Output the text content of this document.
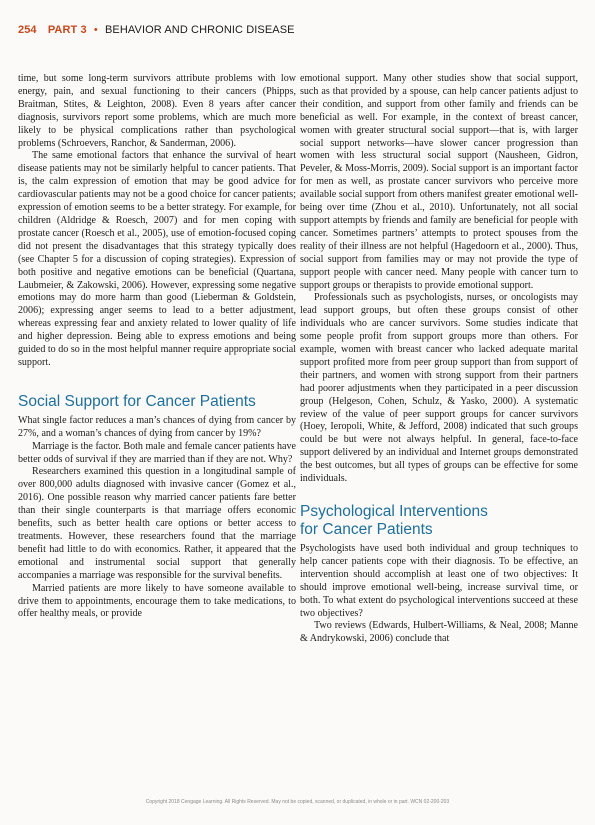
254 PART 3 • BEHAVIOR AND CHRONIC DISEASE

time, but some long-term survivors attribute problems with low energy, pain, and sexual functioning to their cancers (Phipps, Braitman, Stites, & Leighton, 2008). Even 8 years after cancer diagnosis, survivors report some problems, which are much more likely to be physical complications rather than psychological problems (Schroevers, Ranchor, & Sanderman, 2006).

The same emotional factors that enhance the survival of heart disease patients may not be similarly helpful to cancer patients. That is, the calm expression of emotion that may be good advice for cardiovascular patients may not be a good choice for cancer patients; expression of emotion seems to be a better strategy. For example, for children (Aldridge & Roesch, 2007) and for men coping with prostate cancer (Roesch et al., 2005), use of emotion-focused coping did not present the disadvantages that this strategy typically does (see Chapter 5 for a discussion of coping strategies). Expression of both positive and negative emotions can be beneficial (Quartana, Laubmeier, & Zakowski, 2006). However, expressing some negative emotions may do more harm than good (Lieberman & Goldstein, 2006); expressing anger seems to lead to a better adjustment, whereas expressing fear and anxiety related to lower quality of life and higher depression. Being able to express emotions and being guided to do so in the most helpful manner require appropriate social support.

Social Support for Cancer Patients

What single factor reduces a man’s chances of dying from cancer by 27%, and a woman’s chances of dying from cancer by 19%?

Marriage is the factor. Both male and female cancer patients have better odds of survival if they are married than if they are not. Why?

Researchers examined this question in a longitudinal sample of over 800,000 adults diagnosed with invasive cancer (Gomez et al., 2016). One possible reason why married cancer patients fare better than their single counterparts is that marriage offers economic benefits, such as better health care options or better access to treatments. However, these researchers found that the marriage benefit had little to do with economics. Rather, it appeared that the emotional and instrumental social support that generally accompanies a marriage was responsible for the survival benefits.

Married patients are more likely to have someone available to drive them to appointments, encourage them to take medications, to offer healthy meals, or provide

emotional support. Many other studies show that social support, such as that provided by a spouse, can help cancer patients adjust to their condition, and support from other family and friends can be beneficial as well. For example, in the context of breast cancer, women with greater structural social support—that is, with larger social support networks—have slower cancer progression than women with less structural social support (Nausheen, Gidron, Peveler, & Moss-Morris, 2009). Social support is an important factor for men as well, as prostate cancer survivors who perceive more available social support from others manifest greater emotional well-being over time (Zhou et al., 2010). Unfortunately, not all social support attempts by friends and family are beneficial for people with cancer. Sometimes partners’ attempts to protect spouses from the reality of their illness are not helpful (Hagedoorn et al., 2000). Thus, social support from families may or may not provide the type of support people with cancer need. Many people with cancer turn to support groups or therapists to provide emotional support.

Professionals such as psychologists, nurses, or oncologists may lead support groups, but often these groups consist of other individuals who are cancer survivors. Some studies indicate that some people profit from support groups more than others. For example, women with breast cancer who lacked adequate marital support profited more from peer group support than from support of their partners, and women with strong support from their partners had poorer adjustments when they participated in a peer discussion group (Helgeson, Cohen, Schulz, & Yasko, 2000). A systematic review of the value of peer support groups for cancer survivors (Hoey, Ieropoli, White, & Jefford, 2008) indicated that such groups could be but were not always helpful. In general, face-to-face support delivered by an individual and Internet groups demonstrated the best outcomes, but all types of groups can be effective for some individuals.

Psychological Interventions for Cancer Patients

Psychologists have used both individual and group techniques to help cancer patients cope with their diagnosis. To be effective, an intervention should accomplish at least one of two objectives: It should improve emotional well-being, increase survival time, or both. To what extent do psychological interventions succeed at these two objectives?

Two reviews (Edwards, Hulbert-Williams, & Neal, 2008; Manne & Andrykowski, 2006) conclude that

Copyright 2018 Cengage Learning. All Rights Reserved. May not be copied, scanned, or duplicated, in whole or in part. WCN 02-200-203
